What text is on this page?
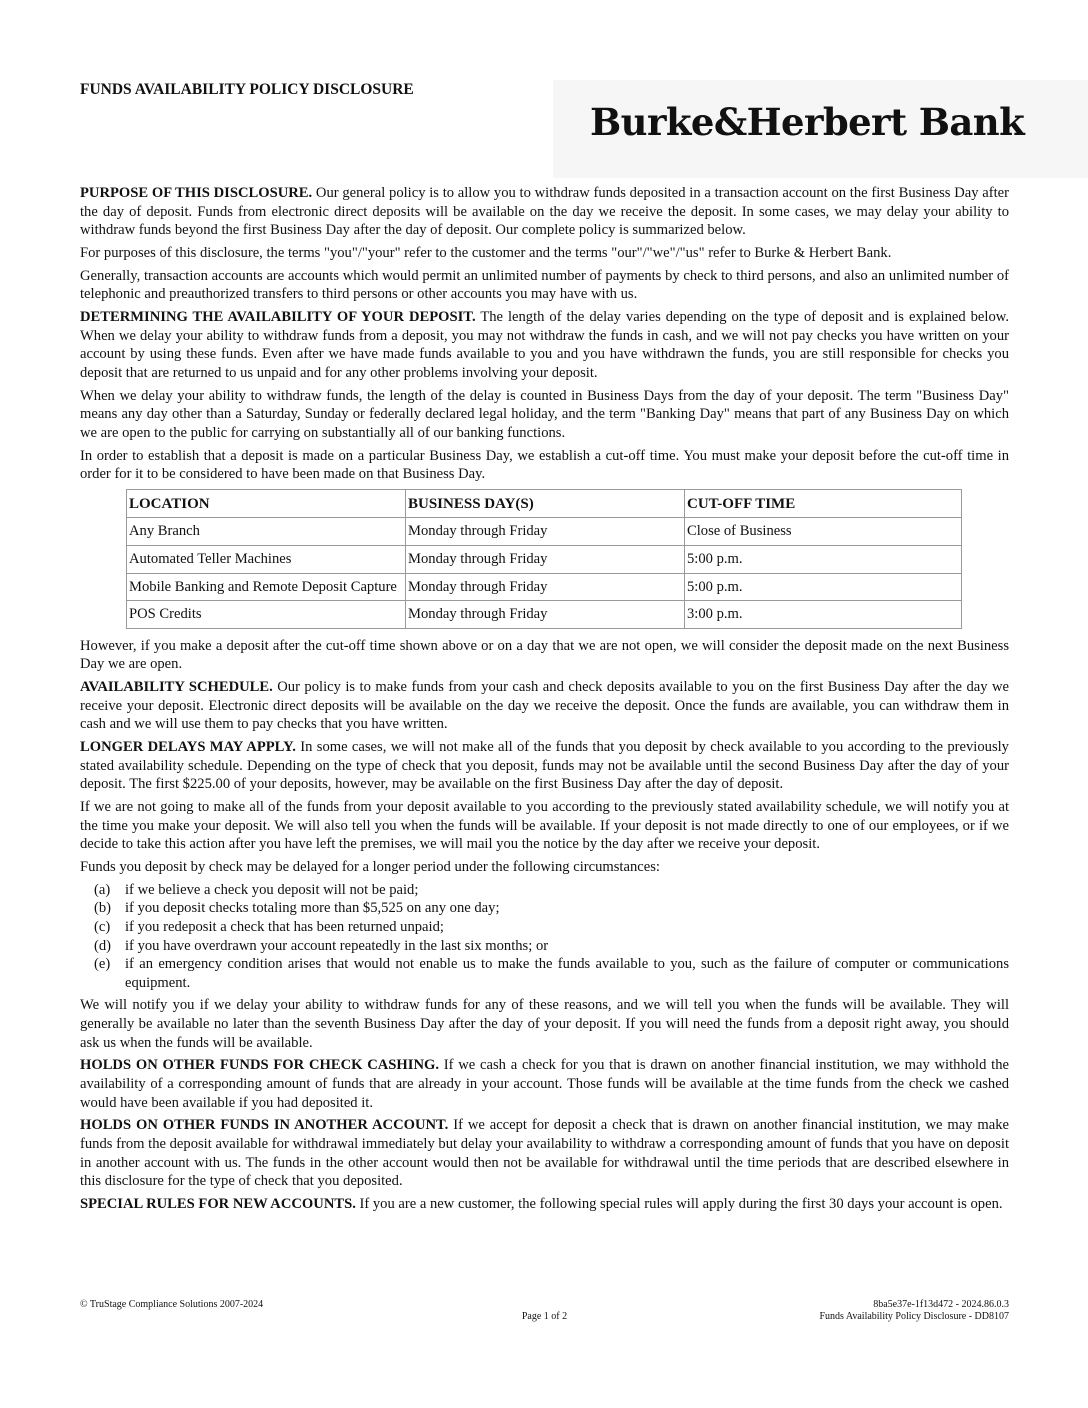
FUNDS AVAILABILITY POLICY DISCLOSURE
Burke&Herbert Bank

PURPOSE OF THIS DISCLOSURE. Our general policy is to allow you to withdraw funds deposited in a transaction account on the first Business Day after the day of deposit. Funds from electronic direct deposits will be available on the day we receive the deposit. In some cases, we may delay your ability to withdraw funds beyond the first Business Day after the day of deposit. Our complete policy is summarized below.

For purposes of this disclosure, the terms "you"/"your" refer to the customer and the terms "our"/"we"/"us" refer to Burke & Herbert Bank.

Generally, transaction accounts are accounts which would permit an unlimited number of payments by check to third persons, and also an unlimited number of telephonic and preauthorized transfers to third persons or other accounts you may have with us.

DETERMINING THE AVAILABILITY OF YOUR DEPOSIT. The length of the delay varies depending on the type of deposit and is explained below. When we delay your ability to withdraw funds from a deposit, you may not withdraw the funds in cash, and we will not pay checks you have written on your account by using these funds. Even after we have made funds available to you and you have withdrawn the funds, you are still responsible for checks you deposit that are returned to us unpaid and for any other problems involving your deposit.

When we delay your ability to withdraw funds, the length of the delay is counted in Business Days from the day of your deposit. The term "Business Day" means any day other than a Saturday, Sunday or federally declared legal holiday, and the term "Banking Day" means that part of any Business Day on which we are open to the public for carrying on substantially all of our banking functions.

In order to establish that a deposit is made on a particular Business Day, we establish a cut-off time. You must make your deposit before the cut-off time in order for it to be considered to have been made on that Business Day.

LOCATION	BUSINESS DAY(S)	CUT-OFF TIME
Any Branch	Monday through Friday	Close of Business
Automated Teller Machines	Monday through Friday	5:00 p.m.
Mobile Banking and Remote Deposit Capture	Monday through Friday	5:00 p.m.
POS Credits	Monday through Friday	3:00 p.m.

However, if you make a deposit after the cut-off time shown above or on a day that we are not open, we will consider the deposit made on the next Business Day we are open.

AVAILABILITY SCHEDULE. Our policy is to make funds from your cash and check deposits available to you on the first Business Day after the day we receive your deposit. Electronic direct deposits will be available on the day we receive the deposit. Once the funds are available, you can withdraw them in cash and we will use them to pay checks that you have written.

LONGER DELAYS MAY APPLY. In some cases, we will not make all of the funds that you deposit by check available to you according to the previously stated availability schedule. Depending on the type of check that you deposit, funds may not be available until the second Business Day after the day of your deposit. The first $225.00 of your deposits, however, may be available on the first Business Day after the day of deposit.

If we are not going to make all of the funds from your deposit available to you according to the previously stated availability schedule, we will notify you at the time you make your deposit. We will also tell you when the funds will be available. If your deposit is not made directly to one of our employees, or if we decide to take this action after you have left the premises, we will mail you the notice by the day after we receive your deposit.

Funds you deposit by check may be delayed for a longer period under the following circumstances:

(a)	if we believe a check you deposit will not be paid;
(b) if you deposit checks totaling more than $5,525 on any one day;
(c)	if you redeposit a check that has been returned unpaid;
(d) if you have overdrawn your account repeatedly in the last six months; or
(e)	if an emergency condition arises that would not enable us to make the funds available to you, such as the failure of computer or communications equipment.

We will notify you if we delay your ability to withdraw funds for any of these reasons, and we will tell you when the funds will be available. They will generally be available no later than the seventh Business Day after the day of your deposit. If you will need the funds from a deposit right away, you should ask us when the funds will be available.

HOLDS ON OTHER FUNDS FOR CHECK CASHING. If we cash a check for you that is drawn on another financial institution, we may withhold the availability of a corresponding amount of funds that are already in your account. Those funds will be available at the time funds from the check we cashed would have been available if you had deposited it.

HOLDS ON OTHER FUNDS IN ANOTHER ACCOUNT. If we accept for deposit a check that is drawn on another financial institution, we may make funds from the deposit available for withdrawal immediately but delay your availability to withdraw a corresponding amount of funds that you have on deposit in another account with us. The funds in the other account would then not be available for withdrawal until the time periods that are described elsewhere in this disclosure for the type of check that you deposited.

SPECIAL RULES FOR NEW ACCOUNTS. If you are a new customer, the following special rules will apply during the first 30 days your account is open.

© TruStage Compliance Solutions 2007-2024
Page 1 of 2
8ba5e37e-1f13d472 - 2024.86.0.3
Funds Availability Policy Disclosure - DD8107
